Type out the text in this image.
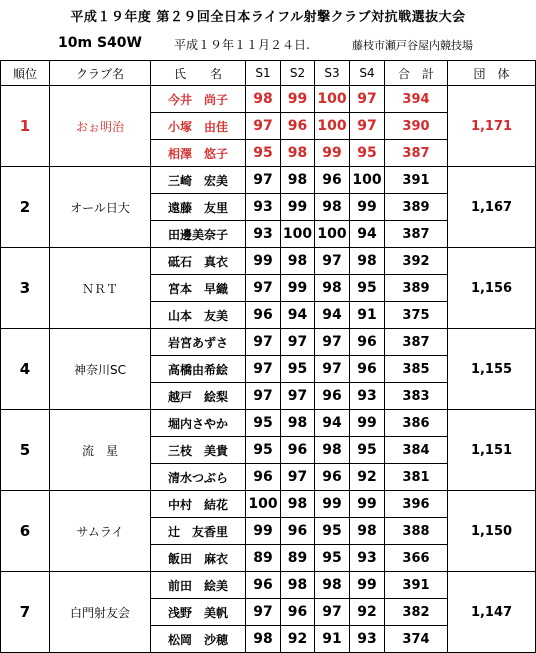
平成１９年度 第２９回全日本ライフル射撃クラブ対抗戦選抜大会
10m S40W	平成１９年１１月２４日.	藤枝市瀬戸谷屋内競技場
順位	クラブ名	氏　　名	S1	S2	S3	S4	合　計	団　体
1	おぉ明治	今井　尚子	98	99	100	97	394	1,171
		小塚　由佳	97	96	100	97	390	
		相澤　悠子	95	98	99	95	387	
2	オール日大	三崎　宏美	97	98	96	100	391	1,167
		遠藤　友里	93	99	98	99	389	
		田邊美奈子	93	100	100	94	387	
3	ＮＲＴ	砥石　真衣	99	98	97	98	392	1,156
		宮本　早織	97	99	98	95	389	
		山本　友美	96	94	94	91	375	
4	神奈川SC	岩宮あずさ	97	97	97	96	387	1,155
		高橋由希絵	97	95	97	96	385	
		越戸　絵梨	97	97	96	93	383	
5	流　星	堀内さやか	95	98	94	99	386	1,151
		三枝　美貴	95	96	98	95	384	
		清水つぶら	96	97	96	92	381	
6	サムライ	中村　結花	100	98	99	99	396	1,150
		辻　友香里	99	96	95	98	388	
		飯田　麻衣	89	89	95	93	366	
7	白門射友会	前田　絵美	96	98	98	99	391	1,147
		浅野　美帆	97	96	97	92	382	
		松岡　沙穂	98	92	91	93	374	
